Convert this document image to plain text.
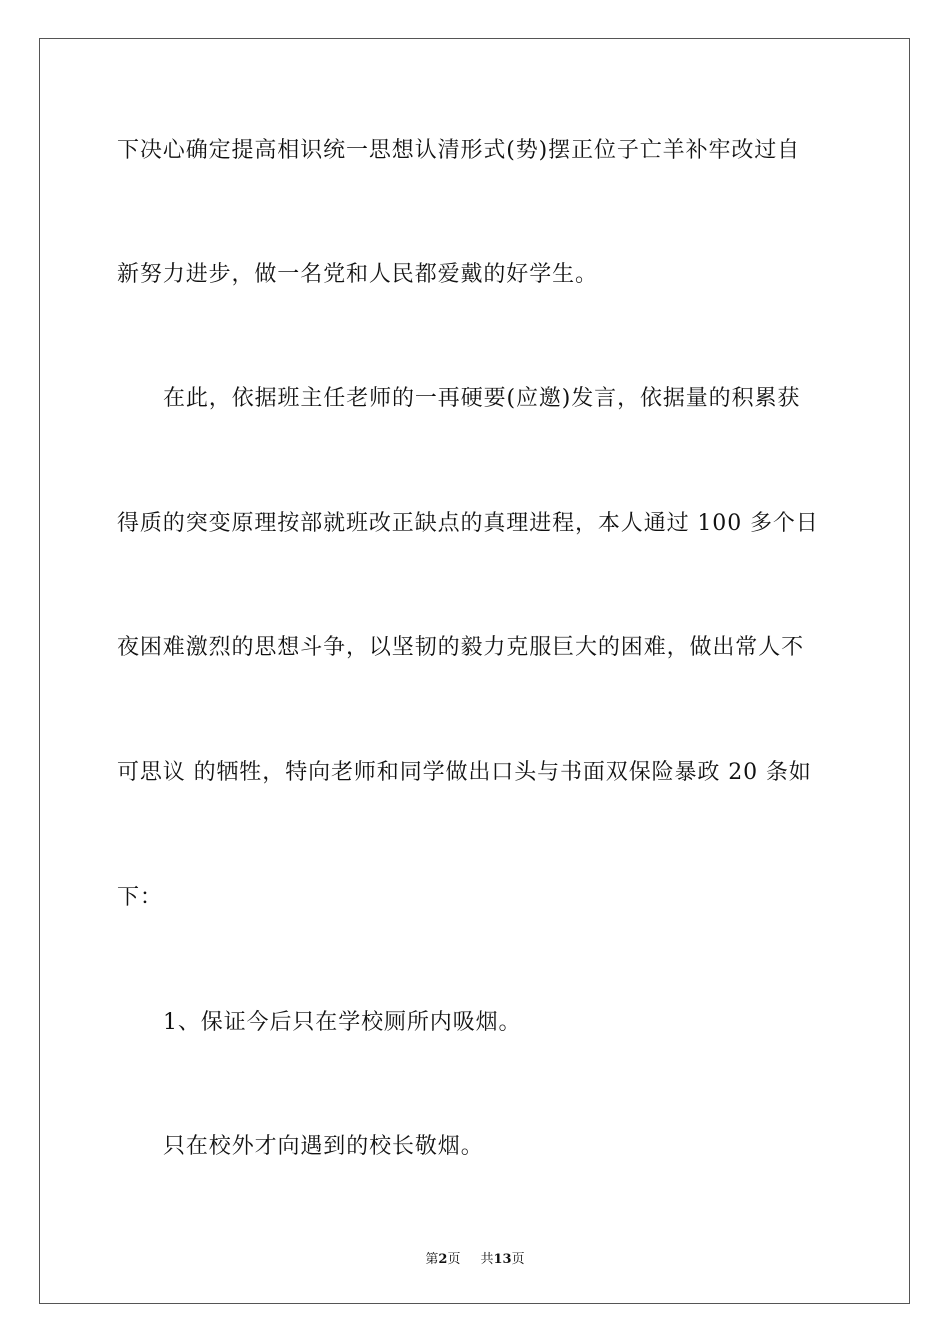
下决心确定提高相识统一思想认清形式(势)摆正位子亡羊补牢改过自
新努力进步，做一名党和人民都爱戴的好学生。
在此，依据班主任老师的一再硬要(应邀)发言，依据量的积累获
得质的突变原理按部就班改正缺点的真理进程，本人通过 100 多个日
夜困难激烈的思想斗争，以坚韧的毅力克服巨大的困难，做出常人不
可思议 的牺牲，特向老师和同学做出口头与书面双保险暴政 20 条如
下：
1、保证今后只在学校厕所内吸烟。
只在校外才向遇到的校长敬烟。
第2页 共13页
